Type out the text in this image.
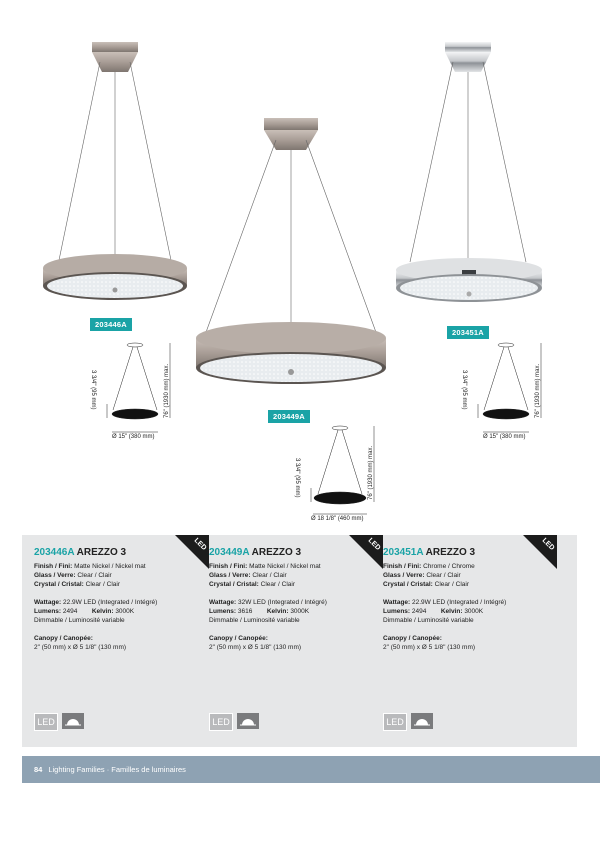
203446A
203449A
203451A
76" (1930 mm) max.
3 3/4" (95 mm)
Ø 15" (380 mm)
76" (1930 mm) max.
3 3/4" (95 mm)
Ø 18 1/8" (460 mm)
76" (1930 mm) max.
3 3/4" (95 mm)
Ø 15" (380 mm)
203446A AREZZO 3
Finish / Fini: Matte Nickel / Nickel mat
Glass / Verre: Clear / Clair
Crystal / Cristal: Clear / Clair
Wattage: 22.9W LED (Integrated / Intégré)
Lumens: 2494 Kelvin: 3000K
Dimmable / Luminosité variable
Canopy / Canopée:
2" (50 mm) x Ø 5 1/8" (130 mm)
203449A AREZZO 3
Finish / Fini: Matte Nickel / Nickel mat
Glass / Verre: Clear / Clair
Crystal / Cristal: Clear / Clair
Wattage: 32W LED (Integrated / Intégré)
Lumens: 3616 Kelvin: 3000K
Dimmable / Luminosité variable
Canopy / Canopée:
2" (50 mm) x Ø 5 1/8" (130 mm)
203451A AREZZO 3
Finish / Fini: Chrome / Chrome
Glass / Verre: Clear / Clair
Crystal / Cristal: Clear / Clair
Wattage: 22.9W LED (Integrated / Intégré)
Lumens: 2494 Kelvin: 3000K
Dimmable / Luminosité variable
Canopy / Canopée:
2" (50 mm) x Ø 5 1/8" (130 mm)
LED	LED	LED
LED	LED	LED
84 Lighting Families · Familles de luminaires
